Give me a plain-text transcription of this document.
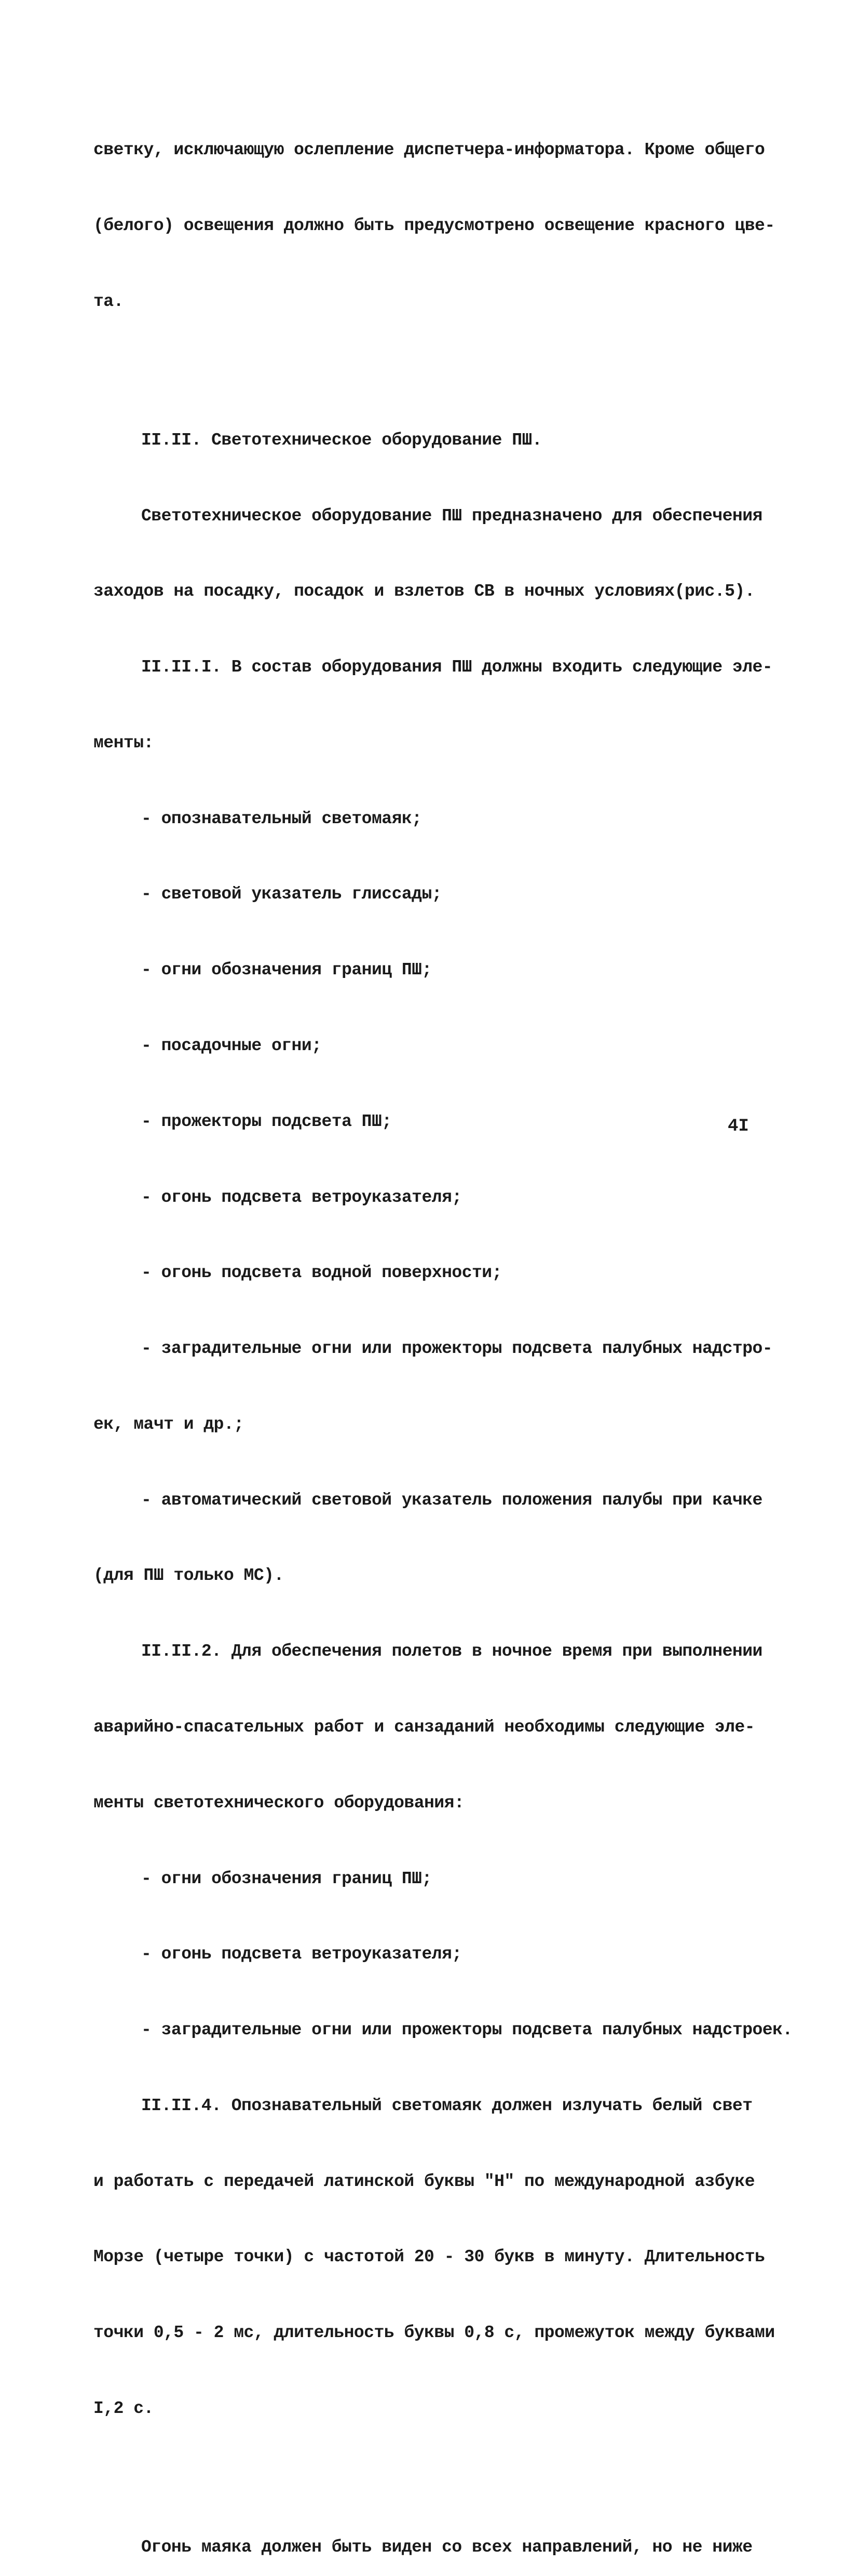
светку, исключающую ослепление диспетчера-информатора. Кроме общего

(белого) освещения должно быть предусмотрено освещение красного цве-

та.

II.II. Светотехническое оборудование ПШ.

Светотехническое оборудование ПШ предназначено для обеспечения

заходов на посадку, посадок и взлетов СВ в ночных условиях(рис.5).

II.II.I. В состав оборудования ПШ должны входить следующие эле-

менты:

- опознавательный светомаяк;

- световой указатель глиссады;

- огни обозначения границ ПШ;

- посадочные огни;

- прожекторы подсвета ПШ;

- огонь подсвета ветроуказателя;

- огонь подсвета водной поверхности;

- заградительные огни или прожекторы подсвета палубных надстро-

ек, мачт и др.;

- автоматический световой указатель положения палубы при качке

(для ПШ только МС).

II.II.2. Для обеспечения полетов в ночное время при выполнении

аварийно-спасательных работ и санзаданий необходимы следующие эле-

менты светотехнического оборудования:

- огни обозначения границ ПШ;

- огонь подсвета ветроуказателя;

- заградительные огни или прожекторы подсвета палубных надстроек.

II.II.4. Опознавательный светомаяк должен излучать белый свет

и работать с передачей латинской буквы "Н" по международной азбуке

Морзе (четыре точки) с частотой 20 - 30 букв в минуту. Длительность

точки 0,5 - 2 мс, длительность буквы 0,8 с, промежуток между буквами

I,2 с.

Огонь маяка должен быть виден со всех направлений, но не ниже

4I
